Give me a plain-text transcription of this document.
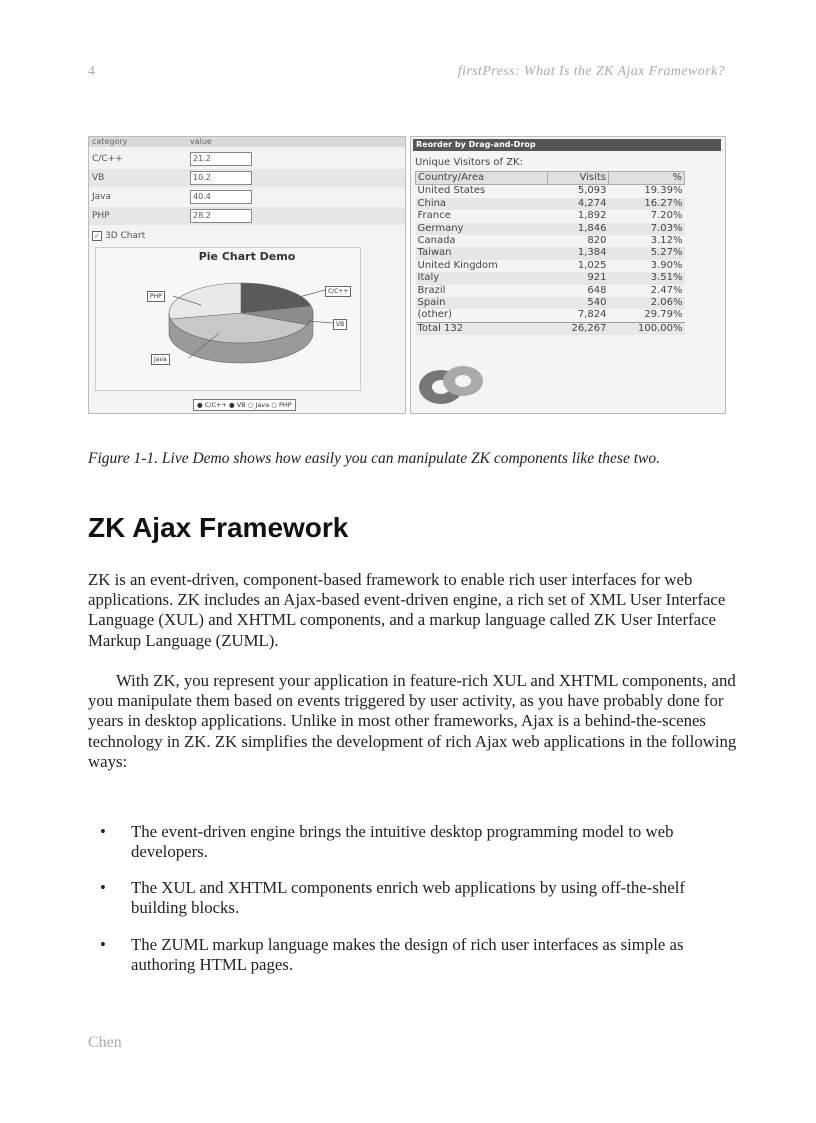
4	firstPress: What Is the ZK Ajax Framework?
category	value
C/C++	21.2
VB	10.2
Java	40.4
PHP	28.2
✓ 3D Chart
Pie Chart Demo
PHP
C/C++
VB
Java
● C/C++ ● VB ○ Java ○ PHP
Reorder by Drag-and-Drop
Unique Visitors of ZK:
Country/Area	Visits	%
United States	5,093	19.39%
China	4,274	16.27%
France	1,892	7.20%
Germany	1,846	7.03%
Canada	820	3.12%
Taiwan	1,384	5.27%
United Kingdom	1,025	3.90%
Italy	921	3.51%
Brazil	648	2.47%
Spain	540	2.06%
(other)	7,824	29.79%
Total 132	26,267	100.00%
Figure 1-1. Live Demo shows how easily you can manipulate ZK components like these two.
ZK Ajax Framework

ZK is an event-driven, component-based framework to enable rich user interfaces for web applications. ZK includes an Ajax-based event-driven engine, a rich set of XML User Interface Language (XUL) and XHTML components, and a markup language called ZK User Interface Markup Language (ZUML).

With ZK, you represent your application in feature-rich XUL and XHTML components, and you manipulate them based on events triggered by user activity, as you have probably done for years in desktop applications. Unlike in most other frameworks, Ajax is a behind-the-scenes technology in ZK. ZK simplifies the development of rich Ajax web applications in the following ways:

• The event-driven engine brings the intuitive desktop programming model to web developers.
• The XUL and XHTML components enrich web applications by using off-the-shelf building blocks.
• The ZUML markup language makes the design of rich user interfaces as simple as authoring HTML pages.
Chen
